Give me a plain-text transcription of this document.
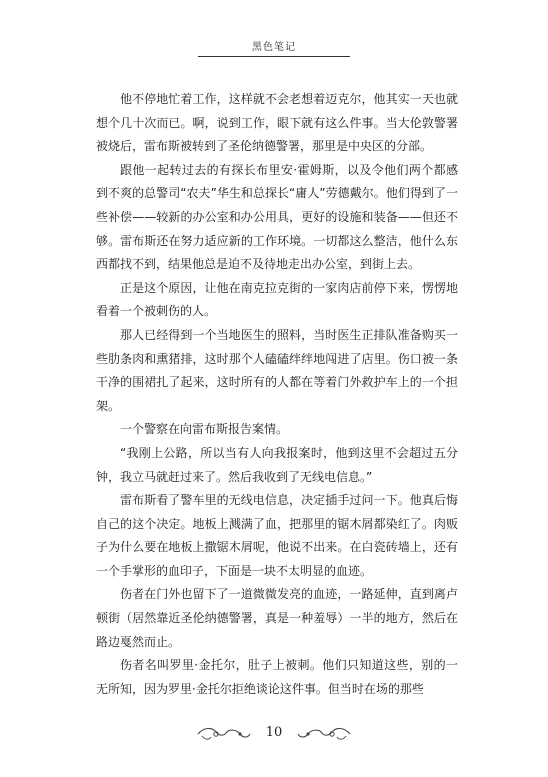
黑色笔记

他不停地忙着工作，这样就不会老想着迈克尔，他其实一天也就想个几十次而已。啊，说到工作，眼下就有这么件事。当大伦敦警署被烧后，雷布斯被转到了圣伦纳德警署，那里是中央区的分部。

跟他一起转过去的有探长布里安·霍姆斯，以及令他们两个都感到不爽的总警司“农夫”华生和总探长“庸人”劳德戴尔。他们得到了一些补偿——较新的办公室和办公用具，更好的设施和装备——但还不够。雷布斯还在努力适应新的工作环境。一切都这么整洁，他什么东西都找不到，结果他总是迫不及待地走出办公室，到街上去。

正是这个原因，让他在南克拉克街的一家肉店前停下来，愣愣地看着一个被刺伤的人。

那人已经得到一个当地医生的照料，当时医生正排队准备购买一些肋条肉和熏猪排，这时那个人磕磕绊绊地闯进了店里。伤口被一条干净的围裙扎了起来，这时所有的人都在等着门外救护车上的一个担架。

一个警察在向雷布斯报告案情。

“我刚上公路，所以当有人向我报案时，他到这里不会超过五分钟，我立马就赶过来了。然后我收到了无线电信息。”

雷布斯看了警车里的无线电信息，决定插手过问一下。他真后悔自己的这个决定。地板上溅满了血，把那里的锯木屑都染红了。肉贩子为什么要在地板上撒锯木屑呢，他说不出来。在白瓷砖墙上，还有一个手掌形的血印子，下面是一块不太明显的血迹。

伤者在门外也留下了一道微微发亮的血迹，一路延伸，直到离卢顿街（居然靠近圣伦纳德警署，真是一种羞辱）一半的地方，然后在路边戛然而止。

伤者名叫罗里·金托尔，肚子上被刺。他们只知道这些，别的一无所知，因为罗里·金托尔拒绝谈论这件事。但当时在场的那些

10
